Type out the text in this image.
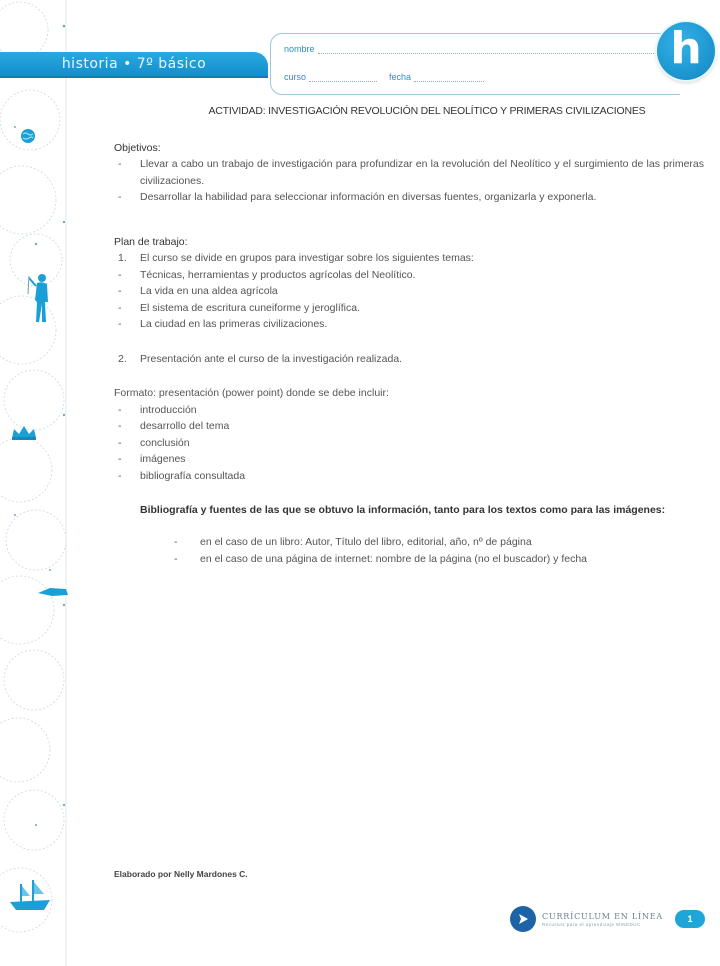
historia • 7º básico
nombre
curso	fecha
h
ACTIVIDAD: INVESTIGACIÓN REVOLUCIÓN DEL NEOLÍTICO Y PRIMERAS CIVILIZACIONES
Objetivos:
-	Llevar a cabo un trabajo de investigación para profundizar en la revolución del Neolítico y el surgimiento de las primeras civilizaciones.
-	Desarrollar la habilidad para seleccionar información en diversas fuentes, organizarla y exponerla.
Plan de trabajo:
1.	El curso se divide en grupos para investigar sobre los siguientes temas:
-	Técnicas, herramientas y productos agrícolas del Neolítico.
-	La vida en una aldea agrícola
-	El sistema de escritura cuneiforme y jeroglífica.
-	La ciudad en las primeras civilizaciones.
2.	Presentación ante el curso de la investigación realizada.
Formato: presentación (power point) donde se debe incluir:
-	introducción
-	desarrollo del tema
-	conclusión
-	imágenes
-	bibliografía consultada
Bibliografía y fuentes de las que se obtuvo la información, tanto para los textos como para las imágenes:
-	en el caso de un libro: Autor, Título del libro, editorial, año, nº de página
-	en el caso de una página de internet: nombre de la página (no el buscador) y fecha
Elaborado por Nelly Mardones C.
CURRÍCULUM EN LÍNEA
Recursos para el aprendizaje MINEDUC	1
